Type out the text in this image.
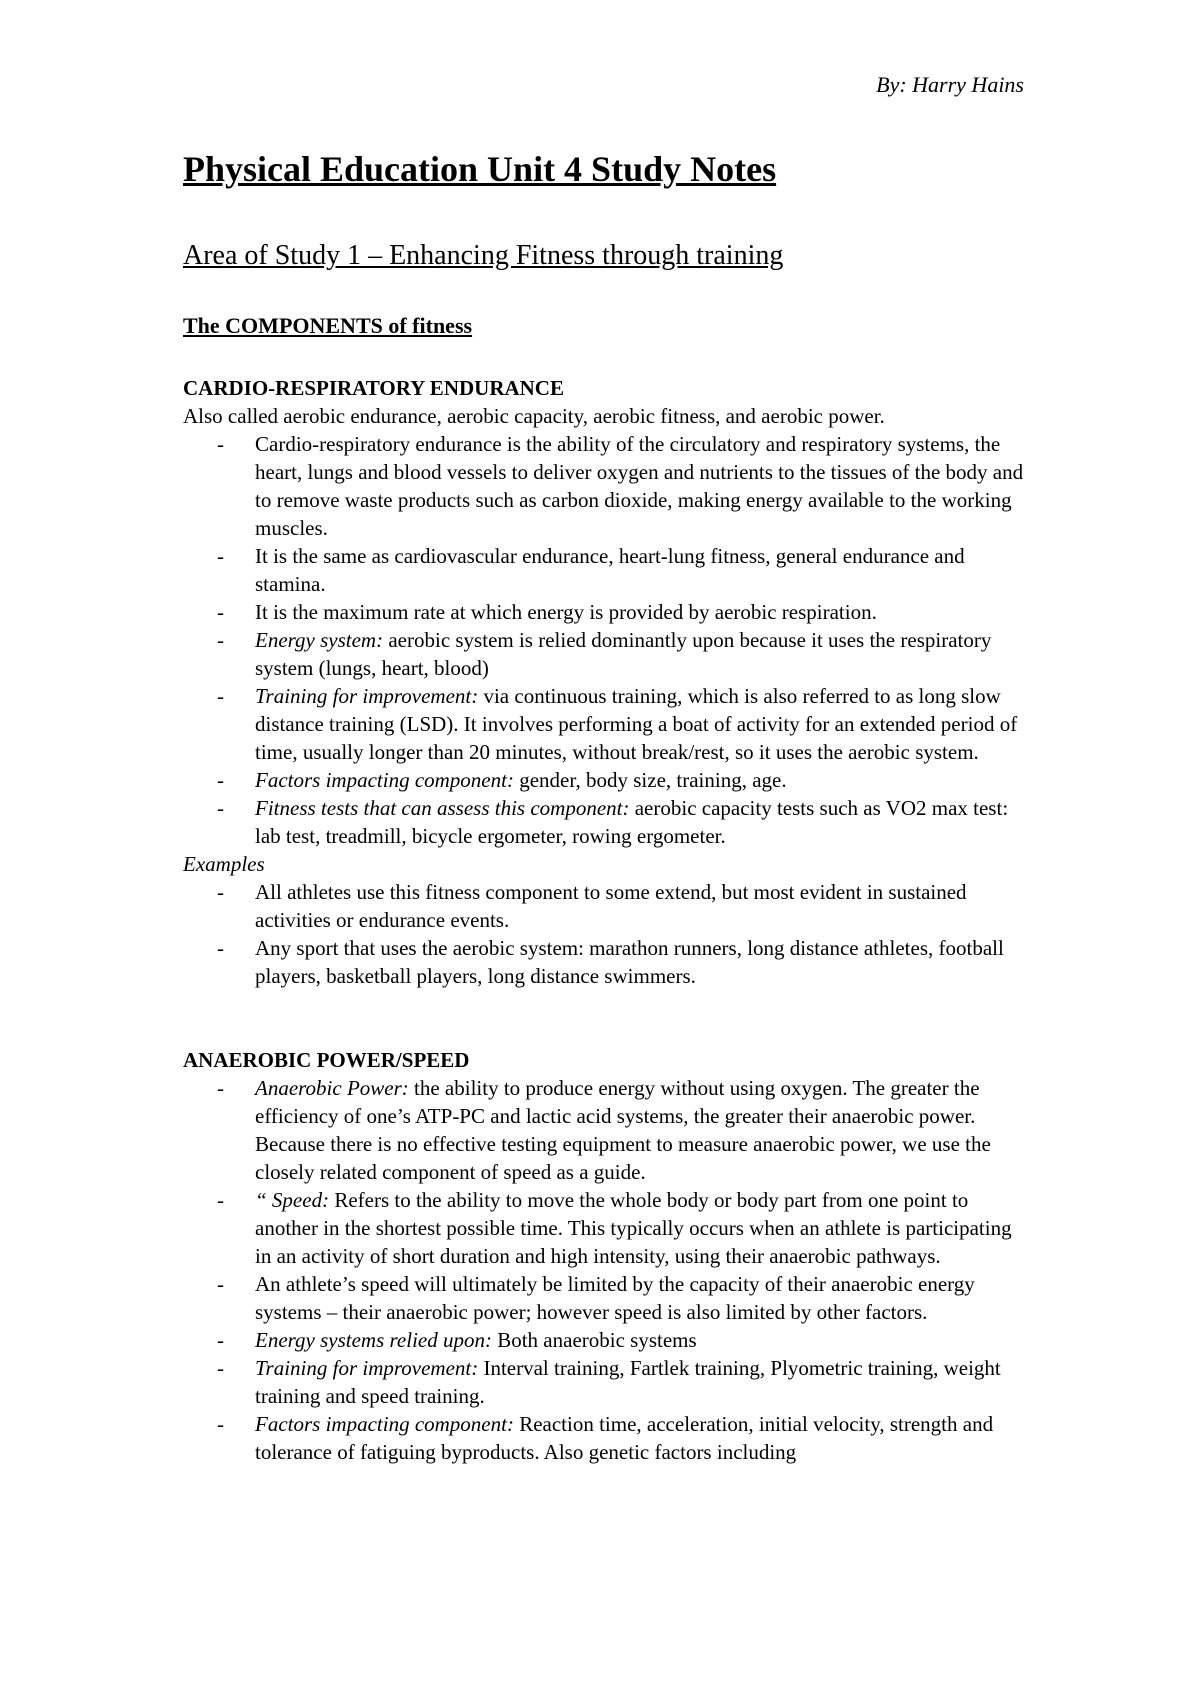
By: Harry Hains
Physical Education Unit 4 Study Notes
Area of Study 1 – Enhancing Fitness through training
The COMPONENTS of fitness

CARDIO-RESPIRATORY ENDURANCE

Also called aerobic endurance, aerobic capacity, aerobic fitness, and aerobic power.

- Cardio-respiratory endurance is the ability of the circulatory and respiratory systems, the heart, lungs and blood vessels to deliver oxygen and nutrients to the tissues of the body and to remove waste products such as carbon dioxide, making energy available to the working muscles.
- It is the same as cardiovascular endurance, heart-lung fitness, general endurance and stamina.
- It is the maximum rate at which energy is provided by aerobic respiration.
- Energy system: aerobic system is relied dominantly upon because it uses the respiratory system (lungs, heart, blood)
- Training for improvement: via continuous training, which is also referred to as long slow distance training (LSD). It involves performing a boat of activity for an extended period of time, usually longer than 20 minutes, without break/rest, so it uses the aerobic system.
- Factors impacting component: gender, body size, training, age.
- Fitness tests that can assess this component: aerobic capacity tests such as VO2 max test: lab test, treadmill, bicycle ergometer, rowing ergometer.

Examples

- All athletes use this fitness component to some extend, but most evident in sustained activities or endurance events.
- Any sport that uses the aerobic system: marathon runners, long distance athletes, football players, basketball players, long distance swimmers.

ANAEROBIC POWER/SPEED

- Anaerobic Power: the ability to produce energy without using oxygen. The greater the efficiency of one’s ATP-PC and lactic acid systems, the greater their anaerobic power. Because there is no effective testing equipment to measure anaerobic power, we use the closely related component of speed as a guide.
- “ Speed: Refers to the ability to move the whole body or body part from one point to another in the shortest possible time. This typically occurs when an athlete is participating in an activity of short duration and high intensity, using their anaerobic pathways.
- An athlete’s speed will ultimately be limited by the capacity of their anaerobic energy systems – their anaerobic power; however speed is also limited by other factors.
- Energy systems relied upon: Both anaerobic systems
- Training for improvement: Interval training, Fartlek training, Plyometric training, weight training and speed training.
- Factors impacting component: Reaction time, acceleration, initial velocity, strength and tolerance of fatiguing byproducts. Also genetic factors including
